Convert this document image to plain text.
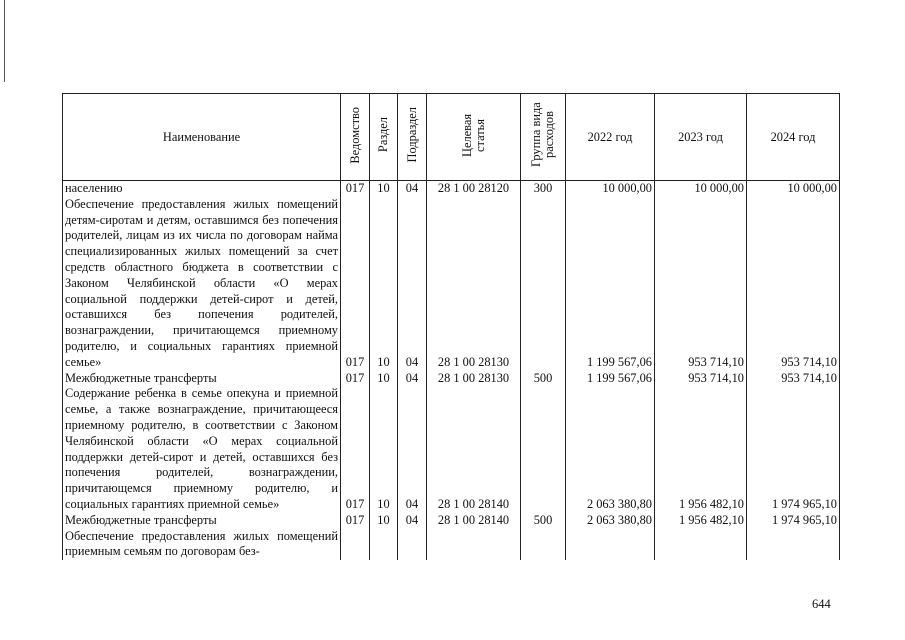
Наименование	Ведомство	Раздел	Подраздел	Целевая статья	Группа вида расходов	2022 год	2023 год	2024 год
населению	017	10	04	28 1 00 28120	300	10 000,00	10 000,00	10 000,00
Обеспечение предоставления жилых помещений детям-сиротам и детям, оставшимся без попечения родителей, лицам из их числа по договорам найма специализированных жилых помещений за счет средств областного бюджета в соответствии с Законом Челябинской области «О мерах социальной поддержки детей-сирот и детей, оставшихся без попечения родителей, вознаграждении, причитающемся приемному родителю, и социальных гарантиях приемной семье»	017	10	04	28 1 00 28130		1 199 567,06	953 714,10	953 714,10
Межбюджетные трансферты	017	10	04	28 1 00 28130	500	1 199 567,06	953 714,10	953 714,10
Содержание ребенка в семье опекуна и приемной семье, а также вознаграждение, причитающееся приемному родителю, в соответствии с Законом Челябинской области «О мерах социальной поддержки детей-сирот и детей, оставшихся без попечения родителей, вознаграждении, причитающемся приемному родителю, и социальных гарантиях приемной семье»	017	10	04	28 1 00 28140		2 063 380,80	1 956 482,10	1 974 965,10
Межбюджетные трансферты	017	10	04	28 1 00 28140	500	2 063 380,80	1 956 482,10	1 974 965,10
Обеспечение предоставления жилых помещений приемным семьям по договорам без-								
644
